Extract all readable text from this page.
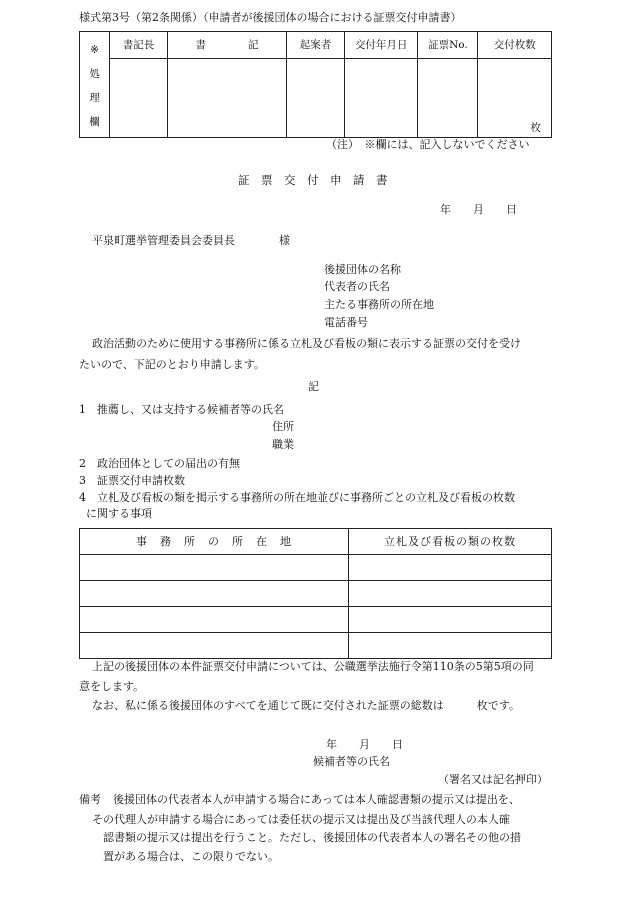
様式第3号（第2条関係）（申請者が後援団体の場合における証票交付申請書）
※
処
理
欄	書記長	書　　　　記	起案者	交付年月日	証票No.	交付枚数
						枚
（注）　※欄には、記入しないでください
証　票　交　付　申　請　書
年　　月　　日
平泉町選挙管理委員会委員長　　　　様
後援団体の名称
代表者の氏名
主たる事務所の所在地
電話番号
政治活動のために使用する事務所に係る立札及び看板の類に表示する証票の交付を受け
たいので、下記のとおり申請します。
記
1　推薦し、又は支持する候補者等の氏名
住所
職業
2　政治団体としての届出の有無
3　証票交付申請枚数
4　立札及び看板の類を掲示する事務所の所在地並びに事務所ごとの立札及び看板の枚数
に関する事項
事　務　所　の　所　在　地	立札及び看板の類の枚数

上記の後援団体の本件証票交付申請については、公職選挙法施行令第110条の5第5項の同
意をします。
なお、私に係る後援団体のすべてを通じて既に交付された証票の総数は　　　枚です。
年　　月　　日
候補者等の氏名
（署名又は記名押印）
備考 後援団体の代表者本人が申請する場合にあっては本人確認書類の提示又は提出を、
その代理人が申請する場合にあっては委任状の提示又は提出及び当該代理人の本人確
認書類の提示又は提出を行うこと。ただし、後援団体の代表者本人の署名その他の措
置がある場合は、この限りでない。
